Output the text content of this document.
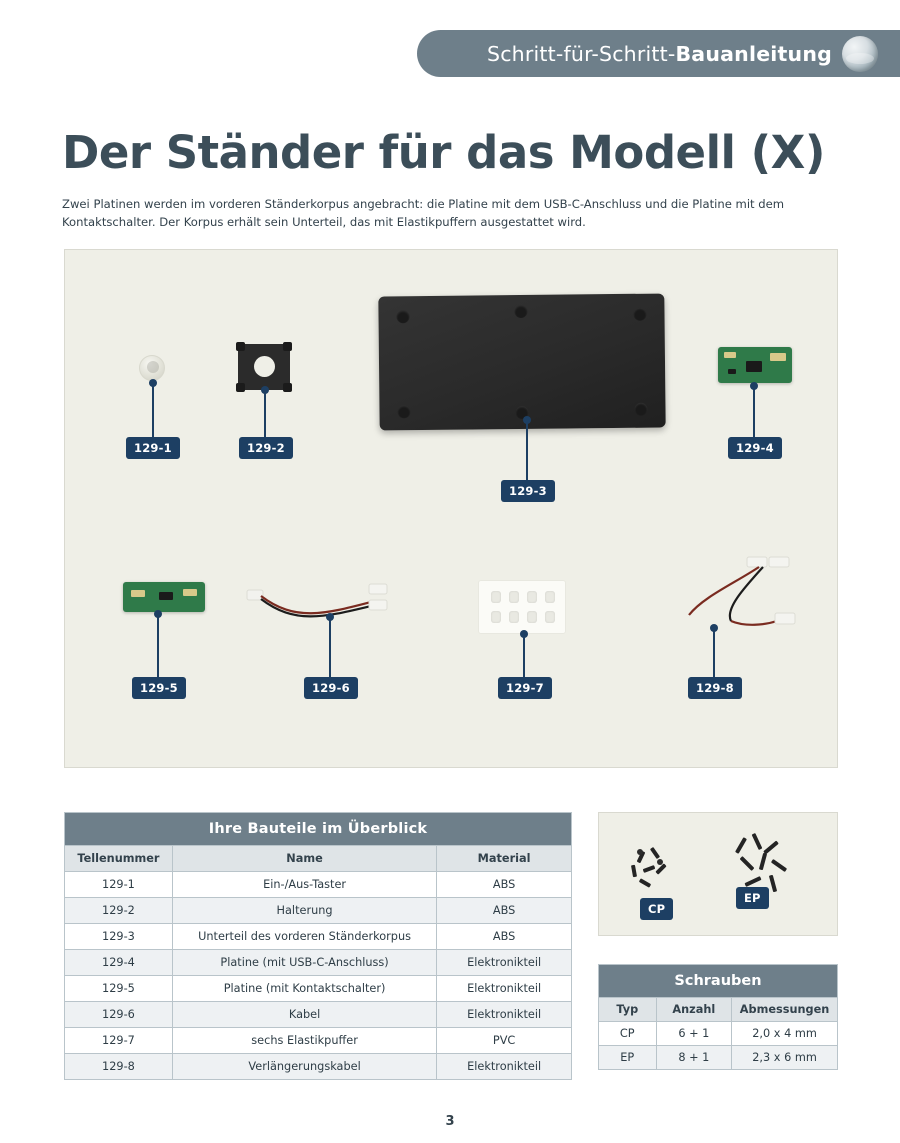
Schritt-für-Schritt-Bauanleitung
Der Ständer für das Modell (X)

Zwei Platinen werden im vorderen Ständerkorpus angebracht: die Platine mit dem USB-C-Anschluss und die Platine mit dem Kontaktschalter. Der Korpus erhält sein Unterteil, das mit Elastikpuffern ausgestattet wird.

129-1	129-2
129-3
129-4
129-5	129-6	129-7	129-8
Ihre Bauteile im Überblick		
Tellenummer	Name	Material
129-1	Ein-/Aus-Taster	ABS
129-2	Halterung	ABS
129-3	Unterteil des vorderen Ständerkorpus	ABS
129-4	Platine (mit USB-C-Anschluss)	Elektronikteil
129-5	Platine (mit Kontaktschalter)	Elektronikteil
129-6	Kabel	Elektronikteil
129-7	sechs Elastikpuffer	PVC
129-8	Verlängerungskabel	Elektronikteil
CP
EP
Schrauben		
Typ	Anzahl	Abmessungen
CP	6 + 1	2,0 x 4 mm
EP	8 + 1	2,3 x 6 mm
3
